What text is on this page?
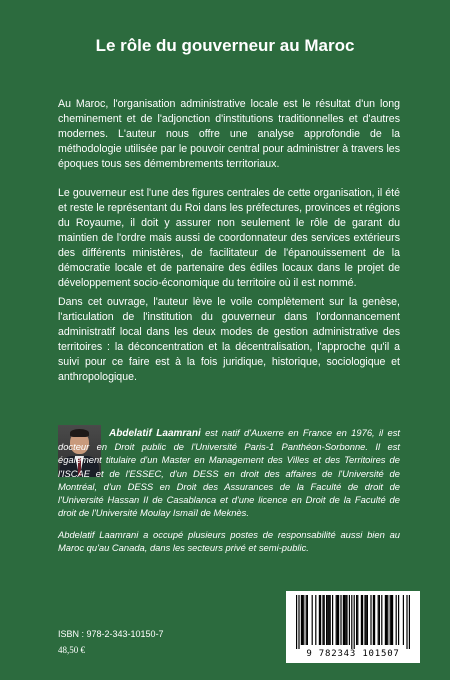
Le rôle du gouverneur au Maroc

Au Maroc, l'organisation administrative locale est le résultat d'un long cheminement et de l'adjonction d'institutions traditionnelles et d'autres modernes. L'auteur nous offre une analyse approfondie de la méthodologie utilisée par le pouvoir central pour administrer à travers les époques tous ses démembrements territoriaux.

Le gouverneur est l'une des figures centrales de cette organisation, il été et reste le représentant du Roi dans les préfectures, provinces et régions du Royaume, il doit y assurer non seulement le rôle de garant du maintien de l'ordre mais aussi de coordonnateur des services extérieurs des différents ministères, de facilitateur de l'épanouissement de la démocratie locale et de partenaire des édiles locaux dans le projet de développement socio-économique du territoire où il est nommé.

Dans cet ouvrage, l'auteur lève le voile complètement sur la genèse, l'articulation de l'institution du gouverneur dans l'ordonnancement administratif local dans les deux modes de gestion administrative des territoires : la déconcentration et la décentralisation, l'approche qu'il a suivi pour ce faire est à la fois juridique, historique, sociologique et anthropologique.

Abdelatif Laamrani est natif d'Auxerre en France en 1976, il est docteur en Droit public de l'Université Paris-1 Panthéon-Sorbonne. Il est également titulaire d'un Master en Management des Villes et des Territoires de l'ISCAE et de l'ESSEC, d'un DESS en droit des affaires de l'Université de Montréal, d'un DESS en Droit des Assurances de la Faculté de droit de l'Université Hassan II de Casablanca et d'une licence en Droit de la Faculté de droit de l'Université Moulay Ismaïl de Meknès.

Abdelatif Laamrani a occupé plusieurs postes de responsabilité aussi bien au Maroc qu'au Canada, dans les secteurs privé et semi-public.

ISBN : 978-2-343-10150-7
48,50 €	9 782343 101507
